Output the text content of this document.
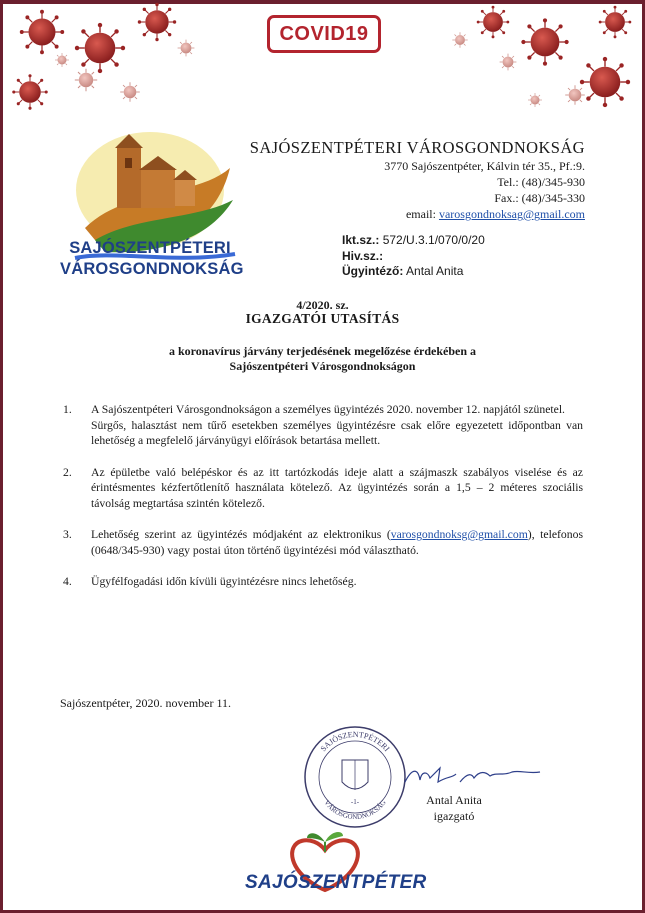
COVID19
SAJÓSZENTPÉTERI
VÁROSGONDNOKSÁG
SAJÓSZENTPÉTERI VÁROSGONDNOKSÁG
3770 Sajószentpéter, Kálvin tér 35., Pf.:9.
Tel.: (48)/345-930
Fax.: (48)/345-330
email: varosgondnoksag@gmail.com
Ikt.sz.: 572/U.3.1/070/0/20
Hiv.sz.:
Ügyintéző: Antal Anita
4/2020. sz.
IGAZGATÓI UTASÍTÁS
a koronavírus járvány terjedésének megelőzése érdekében a
Sajószentpéteri Városgondnokságon
1.	A Sajószentpéteri Városgondnokságon a személyes ügyintézés 2020. november 12. napjától szünetel.

Sürgős, halasztást nem tűrő esetekben személyes ügyintézésre csak előre egyezetett időpontban van lehetőség a megfelelő járványügyi előírások betartása mellett.

2.	Az épületbe való belépéskor és az itt tartózkodás ideje alatt a szájmaszk szabályos viselése és az érintésmentes kézfertőtlenítő használata kötelező. Az ügyintézés során a 1,5 – 2 méteres szociális távolság megtartása szintén kötelező.

3.	Lehetőség szerint az ügyintézés módjaként az elektronikus (varosgondnoksg@gmail.com), telefonos (0648/345-930) vagy postai úton történő ügyintézési mód választható.

4.	Ügyfélfogadási időn kívüli ügyintézésre nincs lehetőség.

Sajószentpéter, 2020. november 11.
SAJÓSZENTPÉTERI
VÁROSGONDNOKSÁG
-1-	Antal Anita
igazgató
SAJÓSZENTPÉTER
